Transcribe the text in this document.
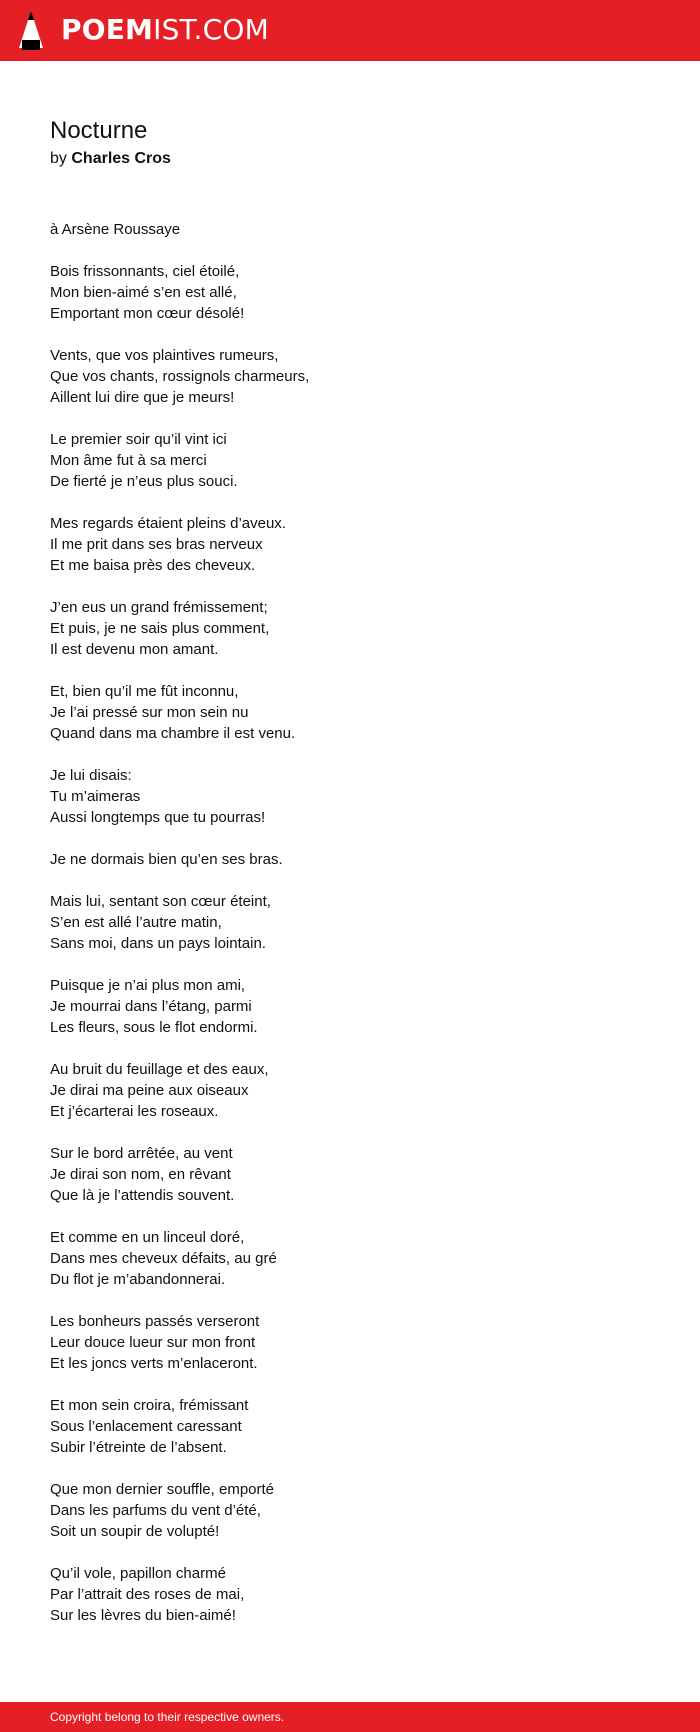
POEMIST.COM
Nocturne
by Charles Cros
à Arsène Roussaye
Bois frissonnants, ciel étoilé,
Mon bien-aimé s’en est allé,
Emportant mon cœur désolé!
Vents, que vos plaintives rumeurs,
Que vos chants, rossignols charmeurs,
Aillent lui dire que je meurs!
Le premier soir qu’il vint ici
Mon âme fut à sa merci
De fierté je n’eus plus souci.
Mes regards étaient pleins d’aveux.
Il me prit dans ses bras nerveux
Et me baisa près des cheveux.
J’en eus un grand frémissement;
Et puis, je ne sais plus comment,
Il est devenu mon amant.
Et, bien qu’il me fût inconnu,
Je l’ai pressé sur mon sein nu
Quand dans ma chambre il est venu.
Je lui disais:
Tu m’aimeras
Aussi longtemps que tu pourras!
Je ne dormais bien qu’en ses bras.
Mais lui, sentant son cœur éteint,
S’en est allé l’autre matin,
Sans moi, dans un pays lointain.
Puisque je n’ai plus mon ami,
Je mourrai dans l’étang, parmi
Les fleurs, sous le flot endormi.
Au bruit du feuillage et des eaux,
Je dirai ma peine aux oiseaux
Et j’écarterai les roseaux.
Sur le bord arrêtée, au vent
Je dirai son nom, en rêvant
Que là je l’attendis souvent.
Et comme en un linceul doré,
Dans mes cheveux défaits, au gré
Du flot je m’abandonnerai.
Les bonheurs passés verseront
Leur douce lueur sur mon front
Et les joncs verts m’enlaceront.
Et mon sein croira, frémissant
Sous l’enlacement caressant
Subir l’étreinte de l’absent.
Que mon dernier souffle, emporté
Dans les parfums du vent d’été,
Soit un soupir de volupté!
Qu’il vole, papillon charmé
Par l’attrait des roses de mai,
Sur les lèvres du bien-aimé!
Copyright belong to their respective owners.
